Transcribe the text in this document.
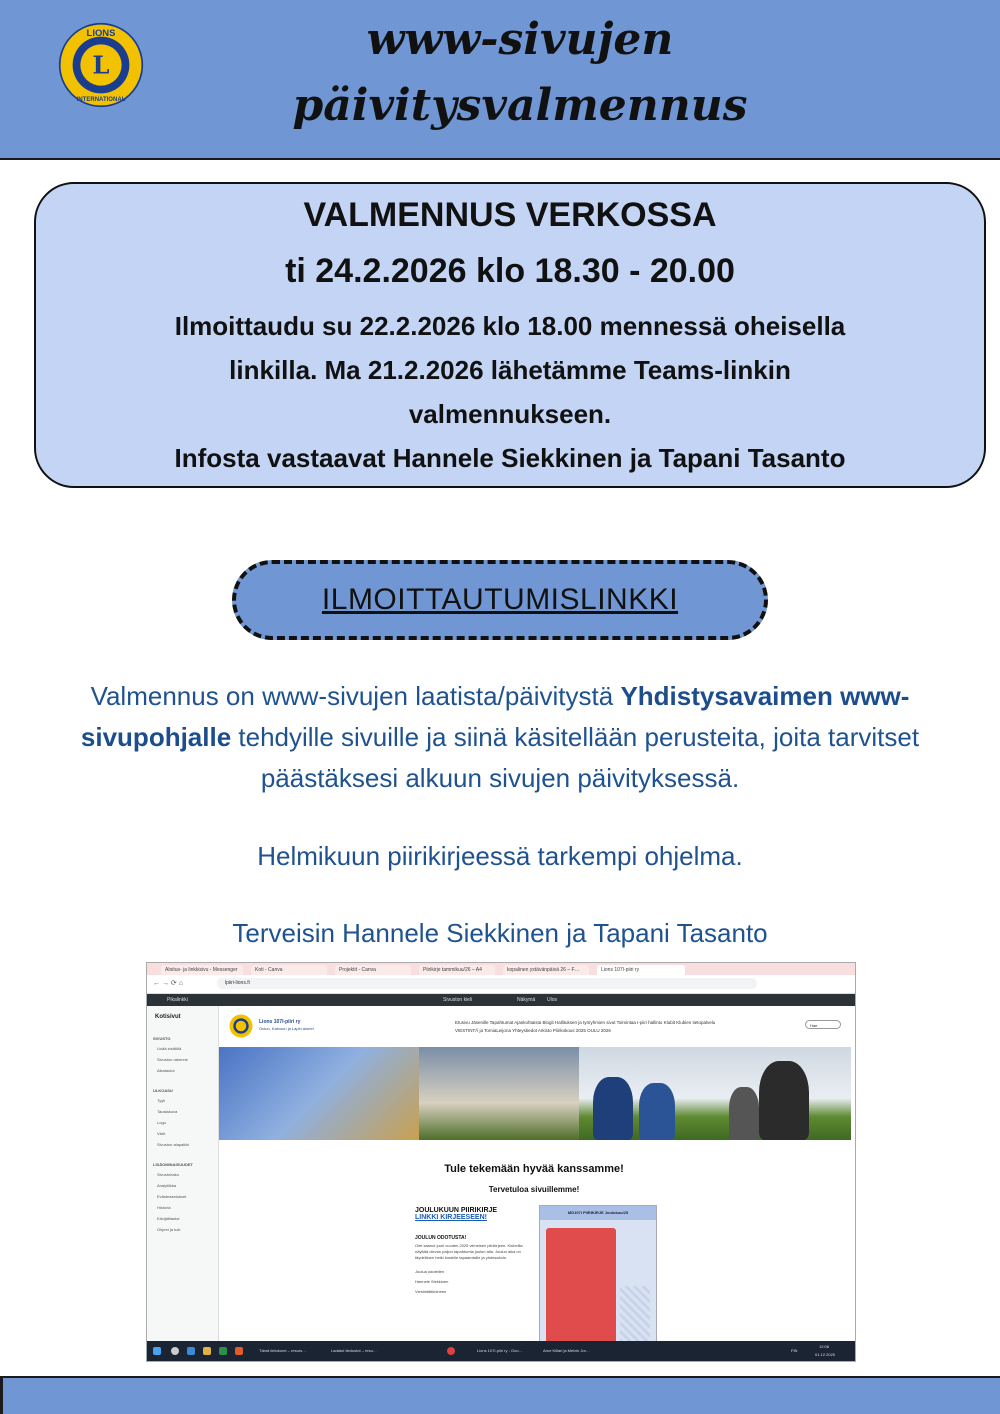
L
LIONS
INTERNATIONAL
www-sivujen
päivitysvalmennus
VALMENNUS VERKOSSA
ti 24.2.2026 klo 18.30 - 20.00
Ilmoittaudu su 22.2.2026 klo 18.00 mennessä oheisella
linkilla. Ma 21.2.2026 lähetämme Teams-linkin
valmennukseen.
Infosta vastaavat Hannele Siekkinen ja Tapani Tasanto
ILMOITTAUTUMISLINKKI
Valmennus on www-sivujen laatista/päivitystä Yhdistysavaimen www-sivupohjalle tehdyille sivuille ja siinä käsitellään perusteita, joita tarvitset päästäksesi alkuun sivujen päivityksessä.
Helmikuun piirikirjeessä tarkempi ohjelma.
Terveisin Hannele Siekkinen ja Tapani Tasanto
Aloitus- ja linkkisivu - Messenger	Koti - Canva	Projektit - Canva	Piirikirje tammikuu/26 – A4	kopalinen ystävänpäivä 26 – F…	Lions 107I-piiri ry
← → ⟳ ⌂	lpiiri-lions.fi
Pikalinkki	Sivuston kieli	Näkymä Ulos
Kotisivut
SIVUSTO
Lisää sisältöä
Sivuston rakenne
Aikataulut
ULKOASU
Tyyli
Taustakuva
Logo
Värit
Sivuston alapalkki
LISÄOMINAISUUDET
Sivustohaku
Analytiikka
Evästeasetukset
Historia
Kävijätilastot
Ohjeet ja tuki
Lions 107I-piiri ry
Oulun, Kainuun ja Lapin alueet
Etusivu Jäsenille Tapahtumat Ajankohtaista Blogit Hallituksen ja työryhmien sivut Toimintaa I-piiri hallinto Klubit Klubien tietopalvelu
VIESTINTÄ ja TorniaLeijona Yhteystiedot Arkisto Piirikokous 2025 OULU 2026
Hae
Tule tekemään hyvää kanssamme!
Tervetuloa sivuillemme!
JOULUKUUN PIIRIKIRJE
LINKKI KIRJEESEEN!
JOULUN ODOTUSTA!
Olet saanut juuri vuoden 2025 viimeisen piirikirjeen. Klubeilla näyttää olevan paljon tapahtumia joulun alla. Joulun aika on täydellinen hetki ilostelle tapaamisille ja yhdessäolo.
Joulua odotellen
Hannele Siekkinen
Viestintätiimineen
MD107I PIIRIKIRJE Joulukuu/25
Tämä tietokone – resurs…	Ladatut tiedostot – resu…	Lions 107I-piiri ry - Goo…	Arne Killari ja Melvin Jor…	FIN
12:08
01.12.2025
